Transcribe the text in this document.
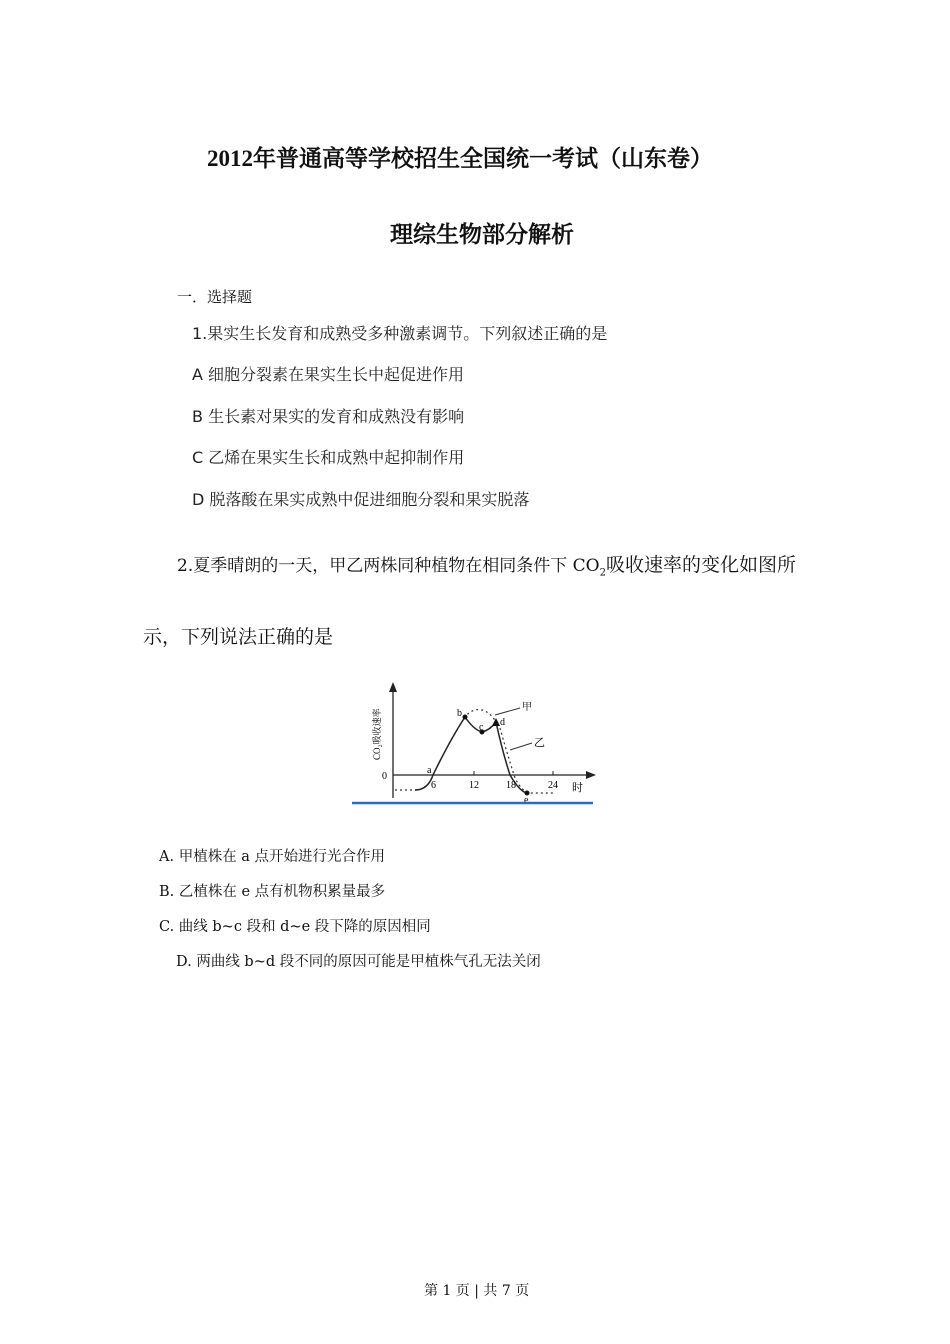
2012年普通高等学校招生全国统一考试（山东卷）
理综生物部分解析
一．选择题
1.果实生长发育和成熟受多种激素调节。下列叙述正确的是
A 细胞分裂素在果实生长中起促进作用
B 生长素对果实的发育和成熟没有影响
C 乙烯在果实生长和成熟中起抑制作用
D 脱落酸在果实成熟中促进细胞分裂和果实脱落
2.夏季晴朗的一天，甲乙两株同种植物在相同条件下 $CO_2$吸收速率的变化如图所
示，下列说法正确的是
CO₂吸收速率
0
6	12	18	24 时
a
b
c d
e
甲
乙
A. 甲植株在 a 点开始进行光合作用
B. 乙植株在 e 点有机物积累量最多
C. 曲线 b~c 段和 d~e 段下降的原因相同
D. 两曲线 b~d 段不同的原因可能是甲植株气孔无法关闭
第 1 页 | 共 7 页
